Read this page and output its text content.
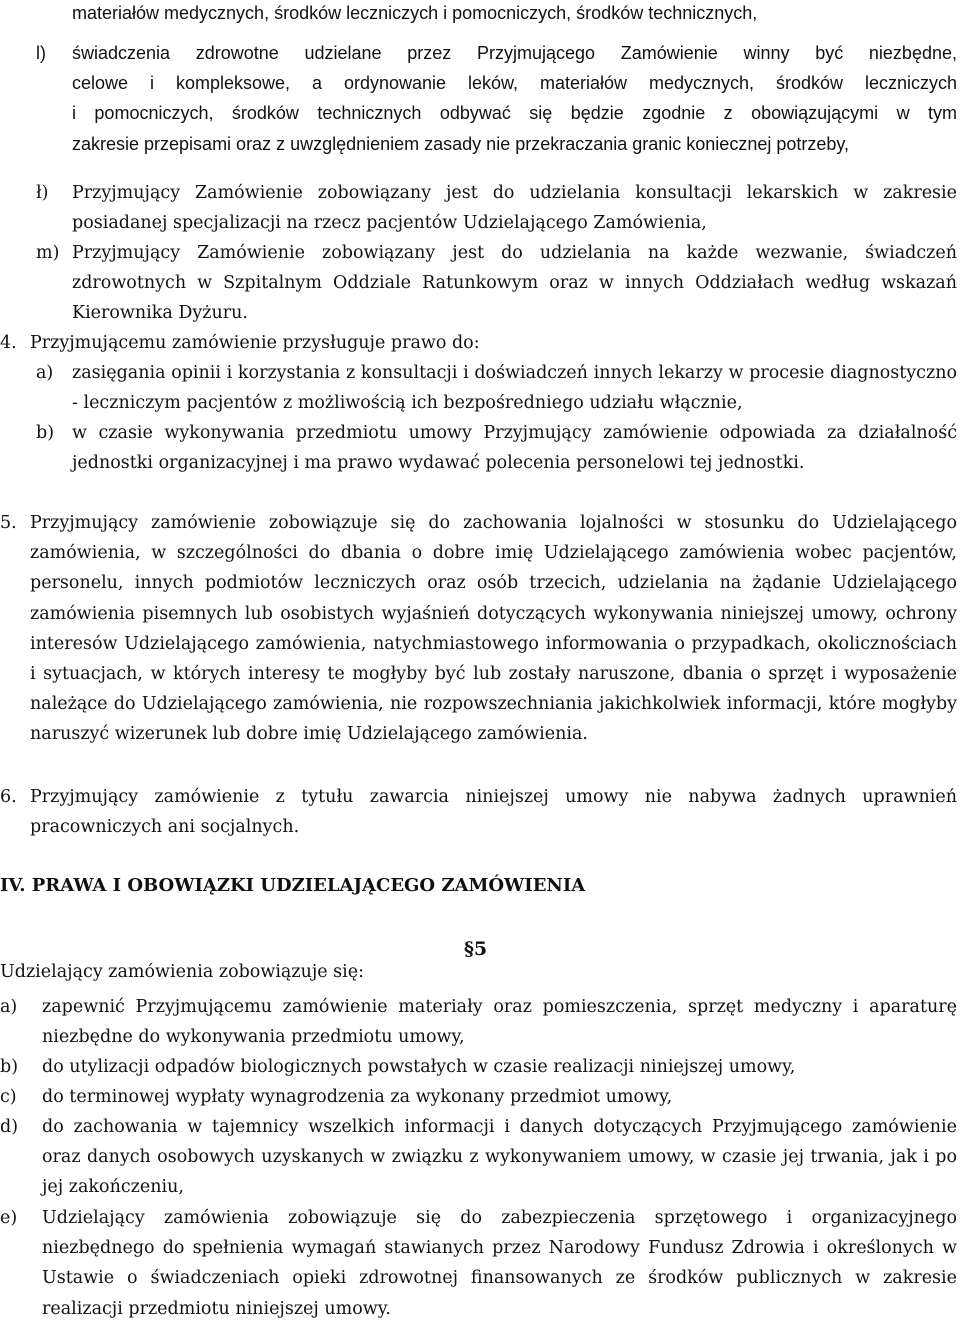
materiałów medycznych, środków leczniczych i pomocniczych, środków technicznych,
l) świadczenia zdrowotne udzielane przez Przyjmującego Zamówienie winny być niezbędne,
celowe i kompleksowe, a ordynowanie leków, materiałów medycznych, środków leczniczych
i pomocniczych, środków technicznych odbywać się będzie zgodnie z obowiązującymi w tym
zakresie przepisami oraz z uwzględnieniem zasady nie przekraczania granic koniecznej potrzeby,
ł) Przyjmujący Zamówienie zobowiązany jest do udzielania konsultacji lekarskich w zakresie posiadanej specjalizacji na rzecz pacjentów Udzielającego Zamówienia,
m) Przyjmujący Zamówienie zobowiązany jest do udzielania na każde wezwanie, świadczeń zdrowotnych w Szpitalnym Oddziale Ratunkowym oraz w innych Oddziałach według wskazań Kierownika Dyżuru.
4. Przyjmującemu zamówienie przysługuje prawo do:
a) zasięgania opinii i korzystania z konsultacji i doświadczeń innych lekarzy w procesie diagnostyczno - leczniczym pacjentów z możliwością ich bezpośredniego udziału włącznie,
b) w czasie wykonywania przedmiotu umowy Przyjmujący zamówienie odpowiada za działalność jednostki organizacyjnej i ma prawo wydawać polecenia personelowi tej jednostki.
5. Przyjmujący zamówienie zobowiązuje się do zachowania lojalności w stosunku do Udzielającego zamówienia, w szczególności do dbania o dobre imię Udzielającego zamówienia wobec pacjentów, personelu, innych podmiotów leczniczych oraz osób trzecich, udzielania na żądanie Udzielającego zamówienia pisemnych lub osobistych wyjaśnień dotyczących wykonywania niniejszej umowy, ochrony interesów Udzielającego zamówienia, natychmiastowego informowania o przypadkach, okolicznościach i sytuacjach, w których interesy te mogłyby być lub zostały naruszone, dbania o sprzęt i wyposażenie należące do Udzielającego zamówienia, nie rozpowszechniania jakichkolwiek informacji, które mogłyby naruszyć wizerunek lub dobre imię Udzielającego zamówienia.
6. Przyjmujący zamówienie z tytułu zawarcia niniejszej umowy nie nabywa żadnych uprawnień pracowniczych ani socjalnych.
IV. PRAWA I OBOWIĄZKI UDZIELAJĄCEGO ZAMÓWIENIA
§5
Udzielający zamówienia zobowiązuje się:
a) zapewnić Przyjmującemu zamówienie materiały oraz pomieszczenia, sprzęt medyczny i aparaturę niezbędne do wykonywania przedmiotu umowy,
b) do utylizacji odpadów biologicznych powstałych w czasie realizacji niniejszej umowy,
c) do terminowej wypłaty wynagrodzenia za wykonany przedmiot umowy,
d) do zachowania w tajemnicy wszelkich informacji i danych dotyczących Przyjmującego zamówienie oraz danych osobowych uzyskanych w związku z wykonywaniem umowy, w czasie jej trwania, jak i po jej zakończeniu,
e) Udzielający zamówienia zobowiązuje się do zabezpieczenia sprzętowego i organizacyjnego niezbędnego do spełnienia wymagań stawianych przez Narodowy Fundusz Zdrowia i określonych w Ustawie o świadczeniach opieki zdrowotnej finansowanych ze środków publicznych w zakresie realizacji przedmiotu niniejszej umowy.
